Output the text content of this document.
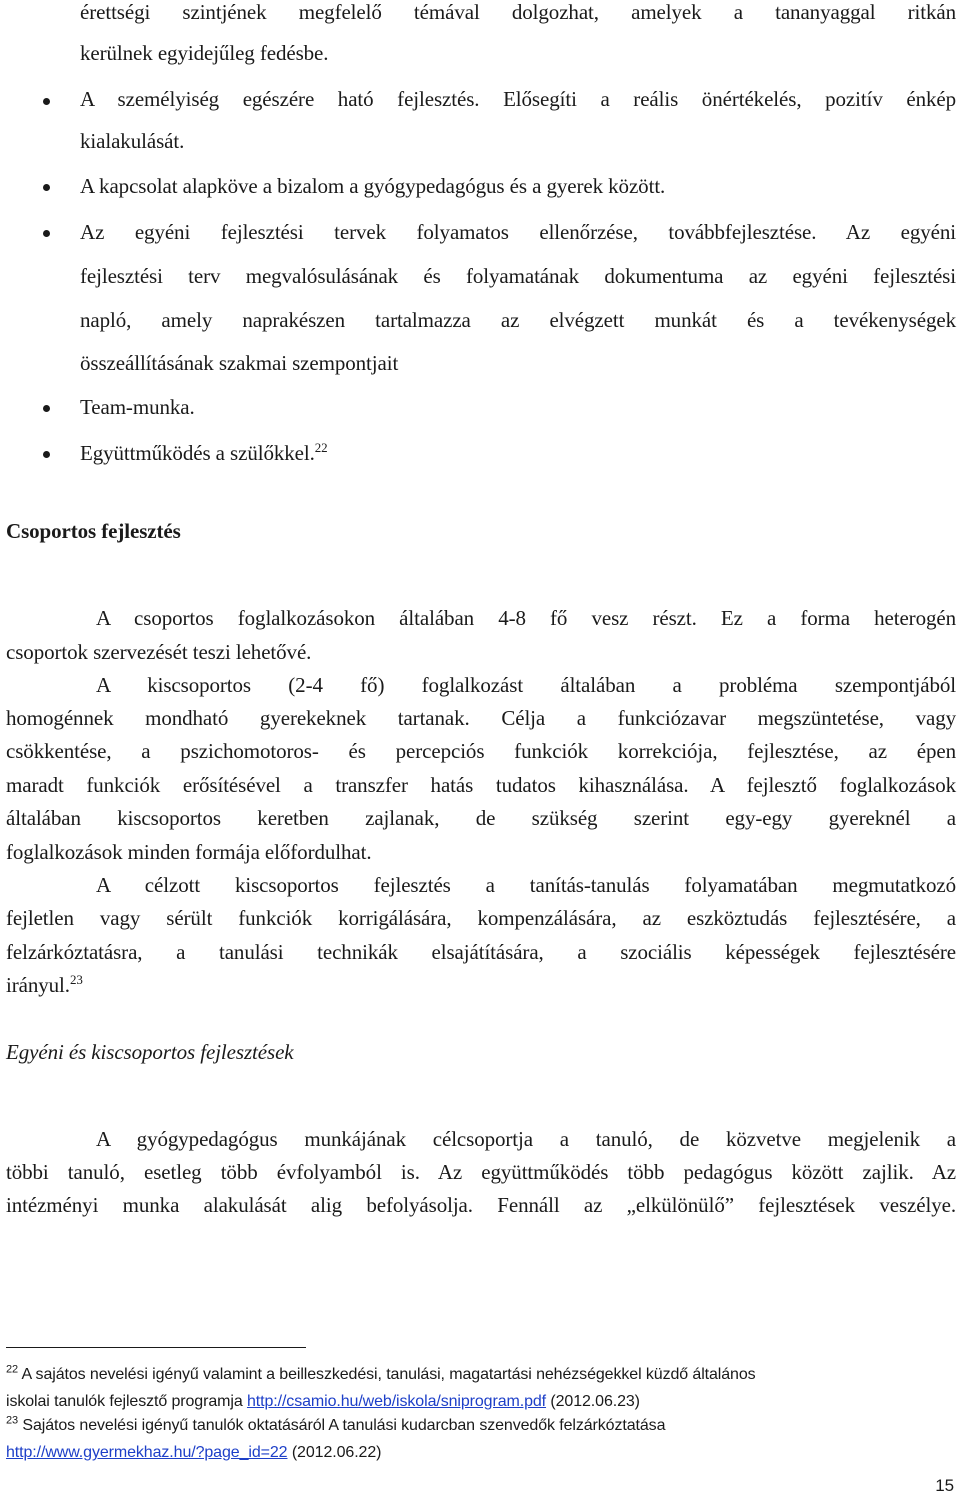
érettségi szintjének megfelelő témával dolgozhat, amelyek a tananyaggal ritkán
kerülnek egyidejűleg fedésbe.
A személyiség egészére ható fejlesztés. Elősegíti a reális önértékelés, pozitív énkép
kialakulását.
A kapcsolat alapköve a bizalom a gyógypedagógus és a gyerek között.
Az egyéni fejlesztési tervek folyamatos ellenőrzése, továbbfejlesztése. Az egyéni
fejlesztési terv megvalósulásának és folyamatának dokumentuma az egyéni fejlesztési
napló, amely naprakészen tartalmazza az elvégzett munkát és a tevékenységek
összeállításának szakmai szempontjait
Team-munka.
Együttműködés a szülőkkel.$^{22}$
Csoportos fejlesztés
A csoportos foglalkozásokon általában 4-8 fő vesz részt. Ez a forma heterogén
csoportok szervezését teszi lehetővé.
A kiscsoportos (2-4 fő) foglalkozást általában a probléma szempontjából
homogénnek mondható gyerekeknek tartanak. Célja a funkciózavar megszüntetése, vagy
csökkentése, a pszichomotoros- és percepciós funkciók korrekciója, fejlesztése, az épen
maradt funkciók erősítésével a transzfer hatás tudatos kihasználása. A fejlesztő foglalkozások
általában kiscsoportos keretben zajlanak, de szükség szerint egy-egy gyereknél a
foglalkozások minden formája előfordulhat.
A célzott kiscsoportos fejlesztés a tanítás-tanulás folyamatában megmutatkozó
fejletlen vagy sérült funkciók korrigálására, kompenzálására, az eszköztudás fejlesztésére, a
felzárkóztatásra, a tanulási technikák elsajátítására, a szociális képességek fejlesztésére
irányul.$^{23}$
Egyéni és kiscsoportos fejlesztések
A gyógypedagógus munkájának célcsoportja a tanuló, de közvetve megjelenik a
többi tanuló, esetleg több évfolyamból is. Az együttműködés több pedagógus között zajlik. Az
intézményi munka alakulását alig befolyásolja. Fennáll az „elkülönülő” fejlesztések veszélye.
$^{22}$ A sajátos nevelési igényű valamint a beilleszkedési, tanulási, magatartási nehézségekkel küzdő általános
iskolai tanulók fejlesztő programja http://csamio.hu/web/iskola/sniprogram.pdf (2012.06.23)
$^{23}$ Sajátos nevelési igényű tanulók oktatásáról A tanulási kudarcban szenvedők felzárkóztatása
http://www.gyermekhaz.hu/?page_id=22 (2012.06.22)
15
